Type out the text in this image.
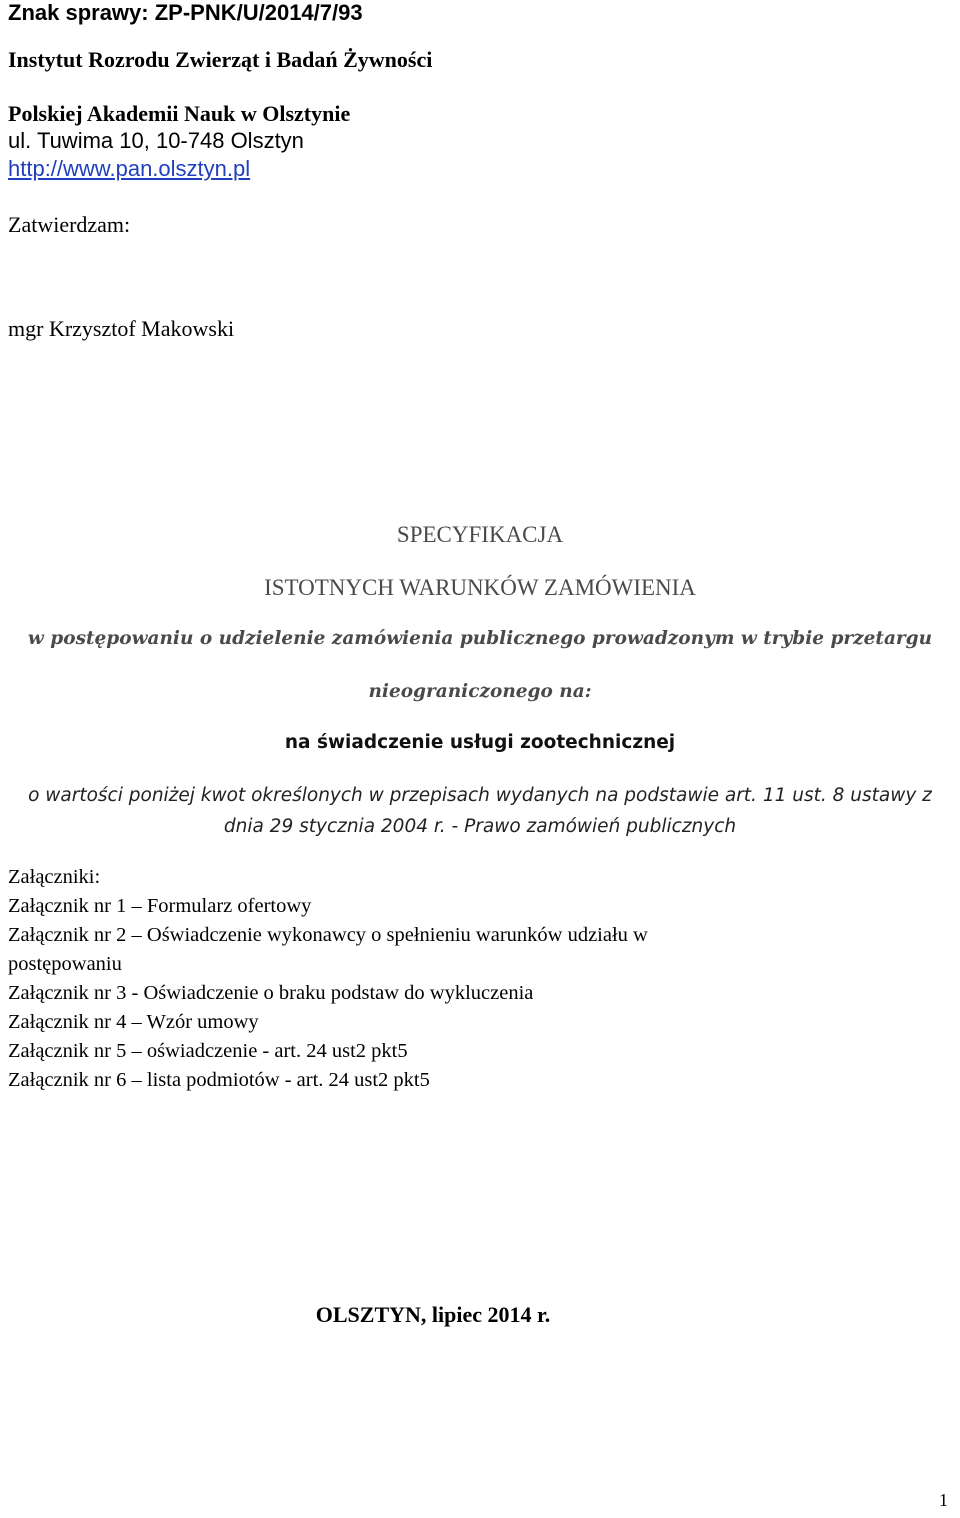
Znak sprawy: ZP-PNK/U/2014/7/93
Instytut Rozrodu Zwierząt i Badań Żywności
Polskiej Akademii Nauk w Olsztynie
ul. Tuwima 10, 10-748 Olsztyn
http://www.pan.olsztyn.pl
Zatwierdzam:
mgr Krzysztof Makowski
SPECYFIKACJA
ISTOTNYCH WARUNKÓW ZAMÓWIENIA
w postępowaniu o udzielenie zamówienia publicznego prowadzonym w trybie przetargu
nieograniczonego na:
na świadczenie usługi zootechnicznej
o wartości poniżej kwot określonych w przepisach wydanych na podstawie art. 11 ust. 8 ustawy z
dnia 29 stycznia 2004 r. - Prawo zamówień publicznych
Załączniki:
Załącznik nr 1 – Formularz ofertowy
Załącznik nr 2 – Oświadczenie wykonawcy o spełnieniu warunków udziału w
postępowaniu
Załącznik nr 3 - Oświadczenie o braku podstaw do wykluczenia
Załącznik nr 4 – Wzór umowy
Załącznik nr 5 – oświadczenie - art. 24 ust2 pkt5
Załącznik nr 6 – lista podmiotów - art. 24 ust2 pkt5
OLSZTYN, lipiec 2014 r.
1
